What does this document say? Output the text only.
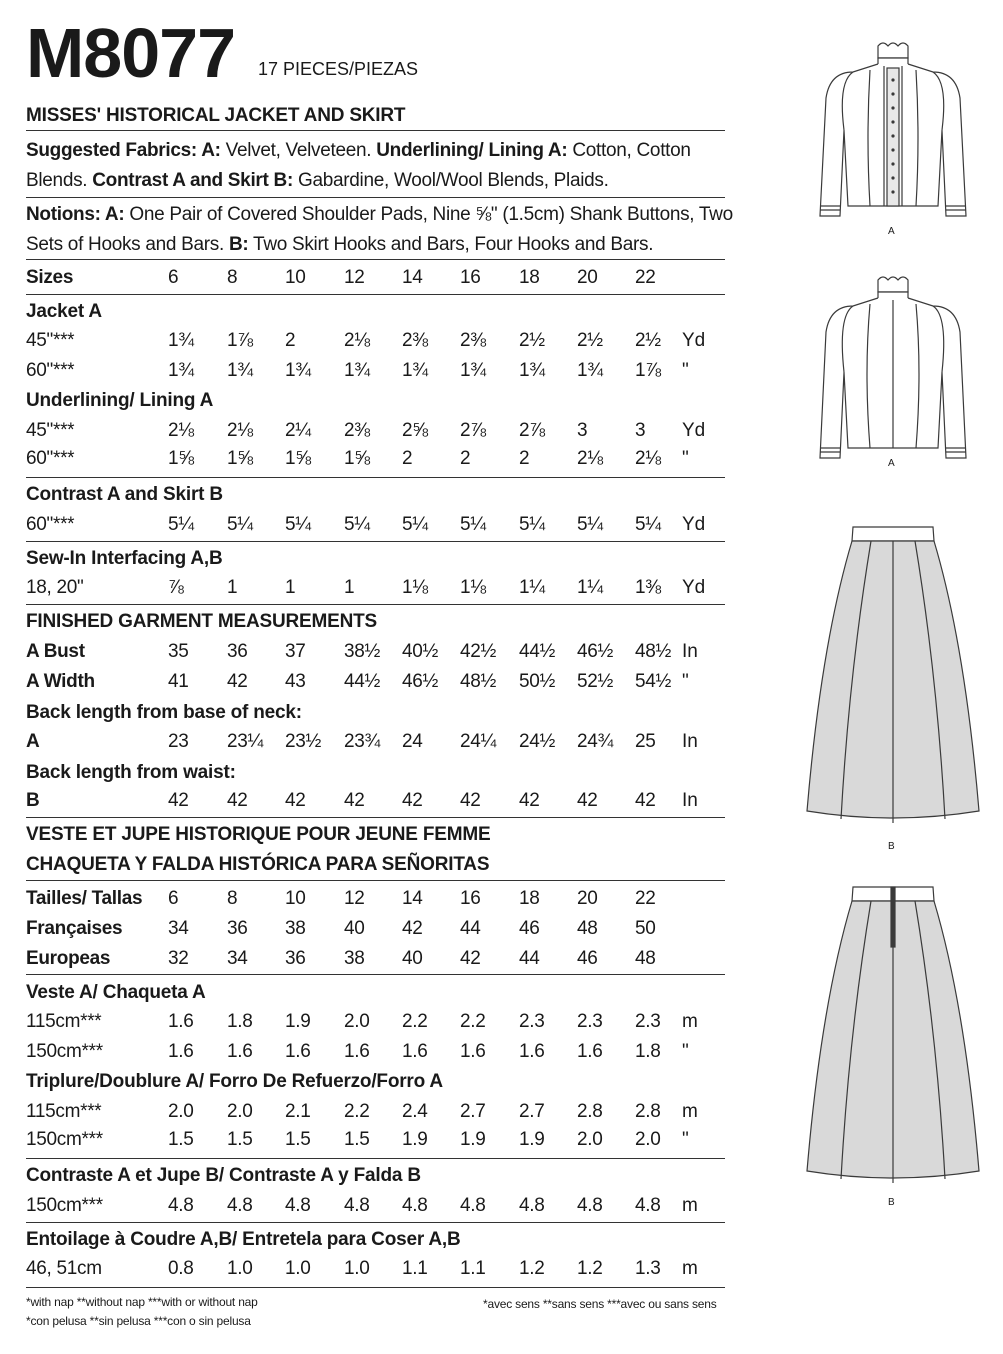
M8077 17 PIECES/PIEZAS
MISSES' HISTORICAL JACKET AND SKIRT
Suggested Fabrics: A: Velvet, Velveteen. Underlining/ Lining A: Cotton, Cotton
Blends. Contrast A and Skirt B: Gabardine, Wool/Wool Blends, Plaids.
Notions: A: One Pair of Covered Shoulder Pads, Nine ⅝" (1.5cm) Shank Buttons, Two
Sets of Hooks and Bars. B: Two Skirt Hooks and Bars, Four Hooks and Bars.
Sizes	6	8	10 12 14 16 18 20 22
Jacket A
45"***	1¾ 1⅞ 2	2⅛ 2⅜ 2⅜ 2½ 2½ 2½ Yd
60"***	1¾ 1¾ 1¾ 1¾ 1¾ 1¾ 1¾ 1¾ 1⅞ "
Underlining/ Lining A
45"***	2⅛ 2⅛ 2¼ 2⅜ 2⅝ 2⅞ 2⅞ 3	3 Yd
60"***	1⅝ 1⅝ 1⅝ 1⅝ 2	2	2	2⅛ 2⅛ "
Contrast A and Skirt B
60"***	5¼ 5¼ 5¼ 5¼ 5¼ 5¼ 5¼ 5¼ 5¼ Yd
Sew-In Interfacing A,B
18, 20"	⅞ 1	1	1	1⅛ 1⅛ 1¼ 1¼ 1⅜ Yd
FINISHED GARMENT MEASUREMENTS
A Bust	35 36 37 38½ 40½ 42½ 44½ 46½ 48½ In
A Width	41 42 43 44½ 46½ 48½ 50½ 52½ 54½ "
Back length from base of neck:
A	23 23¼ 23½ 23¾ 24 24¼ 24½ 24¾ 25 In
Back length from waist:
B	42 42 42 42 42 42 42 42 42 In
VESTE ET JUPE HISTORIQUE POUR JEUNE FEMME
CHAQUETA Y FALDA HISTÓRICA PARA SEÑORITAS
Tailles/ Tallas 6	8	10 12 14 16 18 20 22
Françaises 34 36 38 40 42 44 46 48 50
Europeas	32 34 36 38 40 42 44 46 48
Veste A/ Chaqueta A
115cm***	1.6 1.8 1.9 2.0 2.2 2.2 2.3 2.3 2.3 m
150cm***	1.6 1.6 1.6 1.6 1.6 1.6 1.6 1.6 1.8 "
Triplure/Doublure A/ Forro De Refuerzo/Forro A
115cm***	2.0 2.0 2.1 2.2 2.4 2.7 2.7 2.8 2.8 m
150cm***	1.5 1.5 1.5 1.5 1.9 1.9 1.9 2.0 2.0 "
Contraste A et Jupe B/ Contraste A y Falda B
150cm***	4.8 4.8 4.8 4.8 4.8 4.8 4.8 4.8 4.8 m
Entoilage à Coudre A,B/ Entretela para Coser A,B
46, 51cm	0.8 1.0 1.0 1.0 1.1 1.1 1.2 1.2 1.3 m
*with nap **without nap ***with or without nap
*con pelusa **sin pelusa ***con o sin pelusa
*avec sens **sans sens ***avec ou sans sens
A
A
B
B
